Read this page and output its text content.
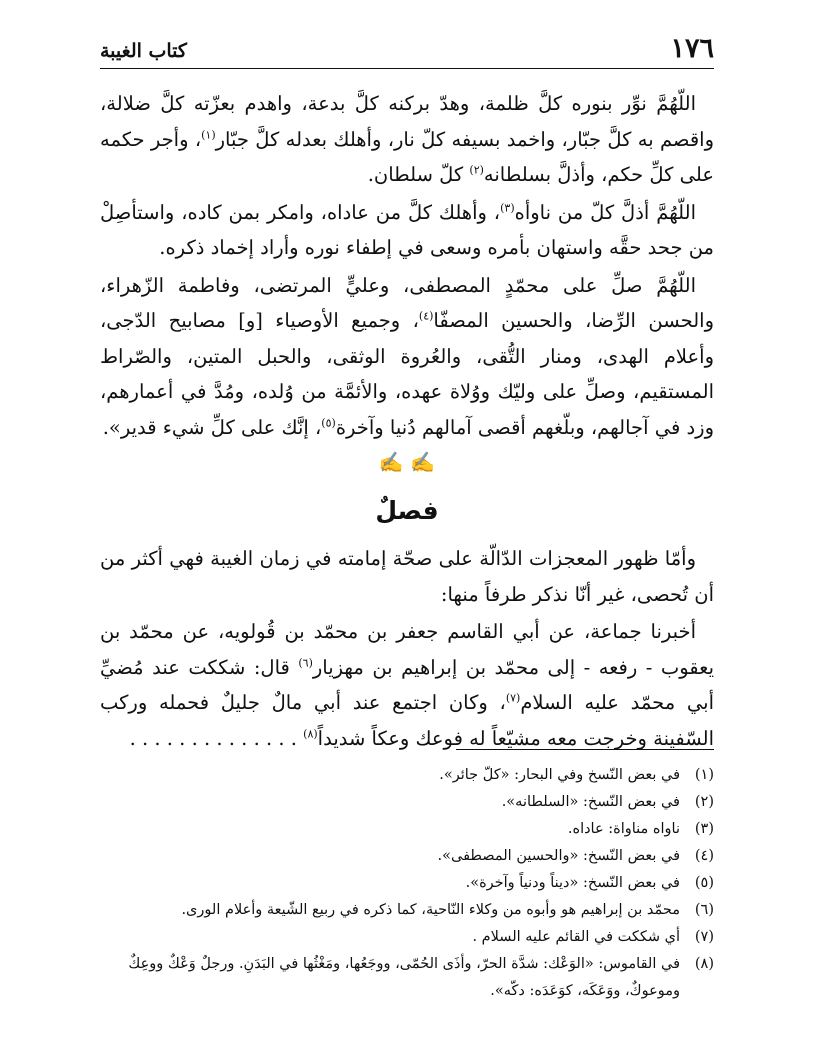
١٧٦
كتاب الغيبة

اللّهُمَّ نوِّر بنوره كلَّ ظلمة، وهدّ بركنه كلَّ بدعة، واهدم بعزّته كلَّ ضلالة، واقصم به كلَّ جبّار، واخمد بسيفه كلّ نار، وأهلك بعدله كلَّ جبّار$^{(١)}$، وأجر حكمه على كلِّ حكم، وأذلَّ بسلطانه$^{(٢)}$ كلّ سلطان.

اللّهُمَّ أذلَّ كلّ من ناوأه$^{(٣)}$، وأهلك كلَّ من عاداه، وامكر بمن كاده، واستأصِلْ من جحد حقَّه واستهان بأمره وسعى في إطفاء نوره وأراد إخماد ذكره.

اللّهُمَّ صلِّ على محمّدٍ المصطفى، وعليٍّ المرتضى، وفاطمة الزّهراء، والحسن الرِّضا، والحسين المصفّا$^{(٤)}$، وجميع الأوصياء [و] مصابيح الدّجى، وأعلام الهدى، ومنار التُّقى، والعُروة الوثقى، والحبل المتين، والصّراط المستقيم، وصلِّ على وليّك ووُلاة عهده، والأئمَّة من وُلده، ومُدَّ في أعمارهم، وزد في آجالهم، وبلّغهم أقصى آمالهم دُنيا وآخرة$^{(٥)}$، إنَّك على كلِّ شيء قدير».

✍ ✍
فصلٌ

وأمّا ظهور المعجزات الدّالّة على صحّة إمامته في زمان الغيبة فهي أكثر من أن تُحصى، غير أنّا نذكر طرفاً منها:

أخبرنا جماعة، عن أبي القاسم جعفر بن محمّد بن قُولويه، عن محمّد بن يعقوب - رفعه - إلى محمّد بن إبراهيم بن مهزيار$^{(٦)}$ قال: شككت عند مُضيِّ أبي محمّد عليه السلام$^{(٧)}$، وكان اجتمع عند أبي مالٌ جليلٌ فحمله وركب السّفينة وخرجت معه مشيّعاً له فوعك وعكاً شديداً$^{(٨)}$ . . . . . . . . . . . . . .

(١)
في بعض النّسخ وفي البحار: «كلّ جائر».
(٢)
في بعض النّسخ: «السلطانه».
(٣)
ناواه مناواة: عاداه.
(٤)
في بعض النّسخ: «والحسين المصطفى».
(٥)
في بعض النّسخ: «ديناً ودنياً وآخرة».
(٦)
محمّد بن إبراهيم هو وأبوه من وكلاء النّاحية، كما ذكره في ربيع الشّيعة وأعلام الورى.
(٧)
أي شككت في القائم عليه السلام .
(٨)
في القاموس: «الوَعْك: شدَّة الحرّ، وأذَى الحُمّى، ووجَعُها، ومَغْثُها في البَدَنِ. ورجلٌ وَعْكٌ ووعِكٌ وموعوكٌ، ووَعَكَه، كوَعَدَه: دكّه».
